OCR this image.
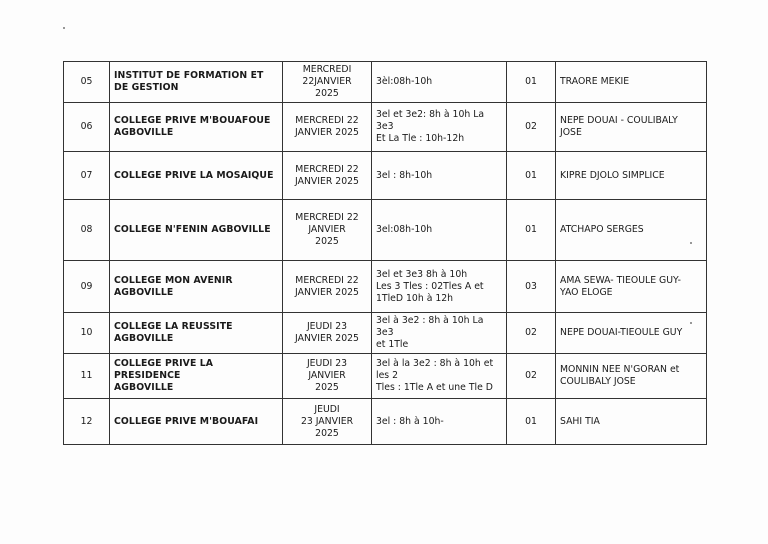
05	INSTITUT DE FORMATION ET
DE GESTION	MERCREDI
22JANVIER
2025	3èl:08h-10h	01	TRAORE MEKIE

06	COLLEGE PRIVE M'BOUAFOUE
AGBOVILLE	MERCREDI 22
JANVIER 2025	3el et 3e2: 8h à 10h La 3e3
Et La Tle : 10h-12h	02	NEPE DOUAI - COULIBALY
JOSE

07	COLLEGE PRIVE LA MOSAIQUE	MERCREDI 22
JANVIER 2025	3el : 8h-10h	01	KIPRE DJOLO SIMPLICE

08	COLLEGE N'FENIN AGBOVILLE	MERCREDI 22
JANVIER
2025	3el:08h-10h	01	ATCHAPO SERGES

09	COLLEGE MON AVENIR
AGBOVILLE	MERCREDI 22
JANVIER 2025	3el et 3e3 8h à 10h
Les 3 Tles : 02Tles A et
1TleD 10h à 12h	03	AMA SEWA- TIEOULE GUY-
YAO ELOGE

10	COLLEGE LA REUSSITE
AGBOVILLE	JEUDI 23
JANVIER 2025	3el à 3e2 : 8h à 10h La 3e3
et 1Tle	02	NEPE DOUAI-TIEOULE GUY

11	COLLEGE PRIVE LA PRESIDENCE
AGBOVILLE	JEUDI 23
JANVIER
2025	3el à la 3e2 : 8h à 10h et les 2
Tles : 1Tle A et une Tle D	02	MONNIN NEE N'GORAN et
COULIBALY JOSE

12	COLLEGE PRIVE M'BOUAFAI	JEUDI
23 JANVIER
2025	3el : 8h à 10h-	01	SAHI TIA
